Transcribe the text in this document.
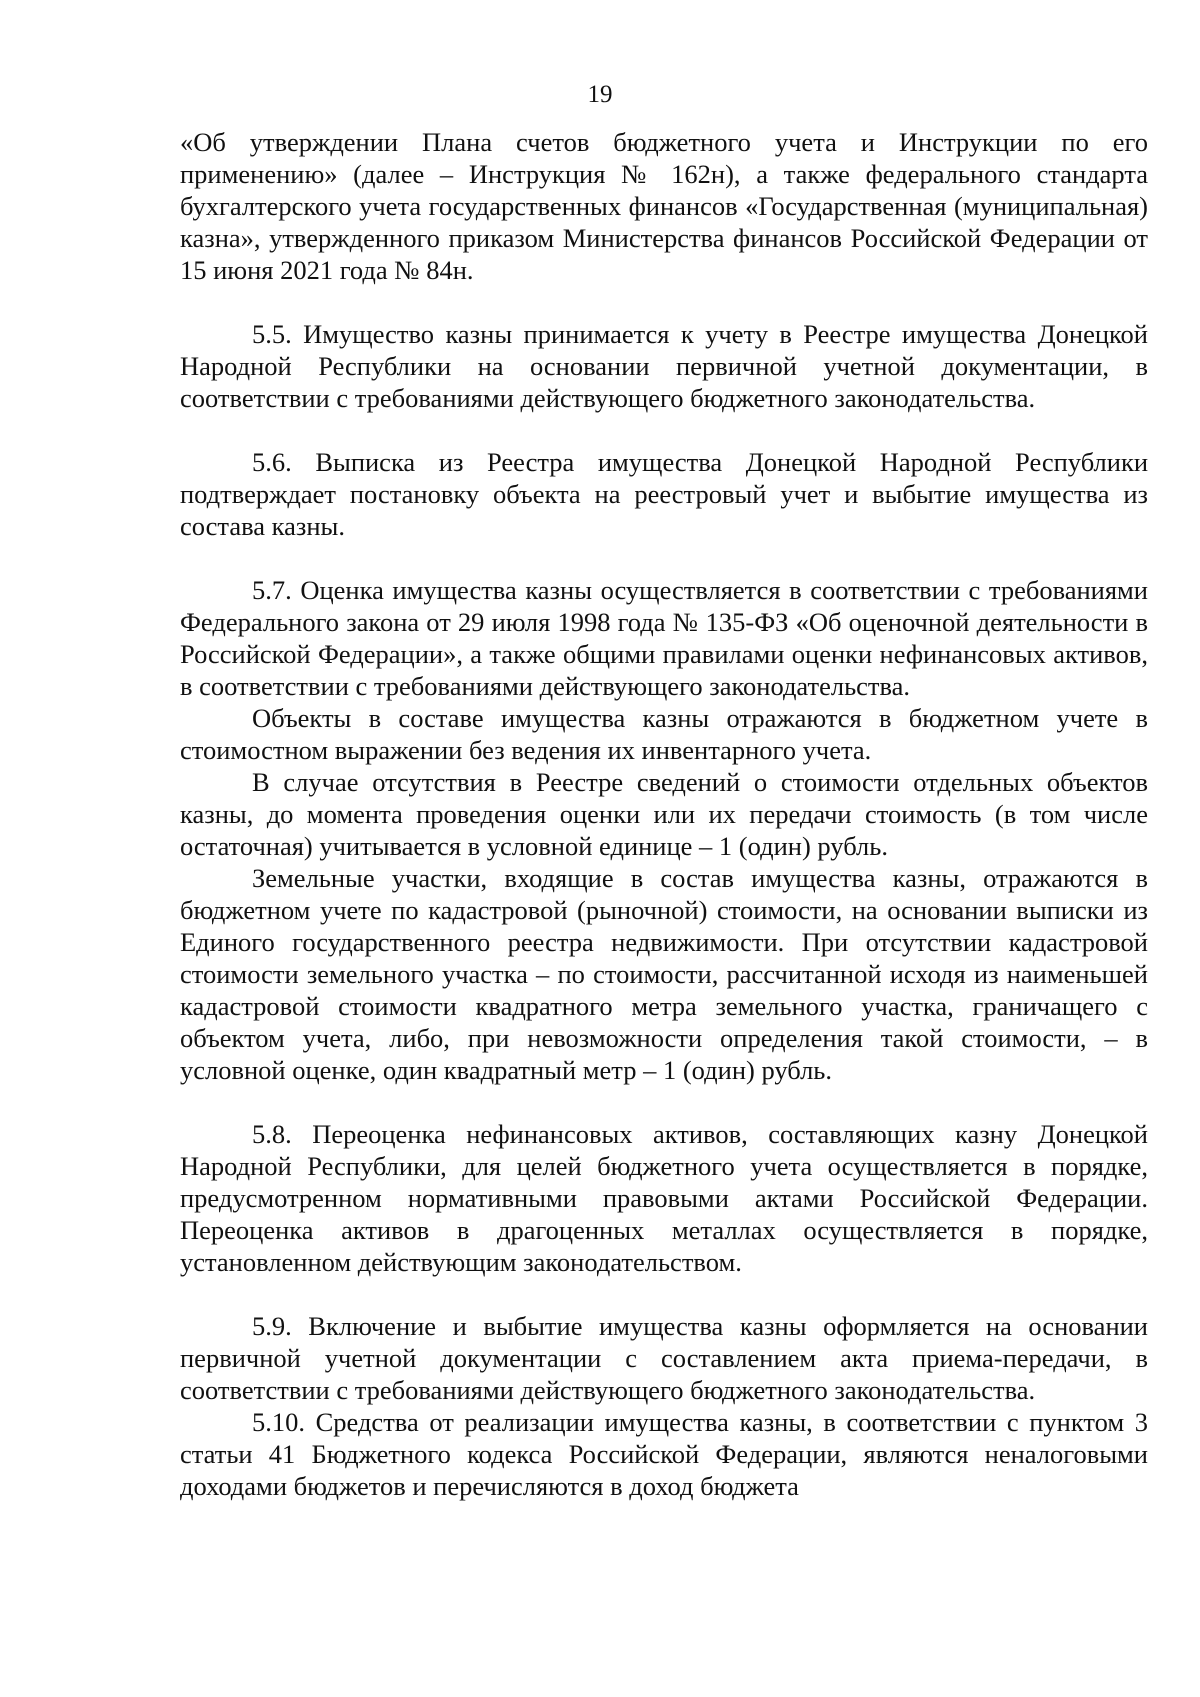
19

«Об утверждении Плана счетов бюджетного учета и Инструкции по его применению» (далее – Инструкция № 162н), а также федерального стандарта бухгалтерского учета государственных финансов «Государственная (муниципальная) казна», утвержденного приказом Министерства финансов Российской Федерации от 15 июня 2021 года № 84н.

5.5. Имущество казны принимается к учету в Реестре имущества Донецкой Народной Республики на основании первичной учетной документации, в соответствии с требованиями действующего бюджетного законодательства.

5.6. Выписка из Реестра имущества Донецкой Народной Республики подтверждает постановку объекта на реестровый учет и выбытие имущества из состава казны.

5.7. Оценка имущества казны осуществляется в соответствии с требованиями Федерального закона от 29 июля 1998 года № 135-ФЗ «Об оценочной деятельности в Российской Федерации», а также общими правилами оценки нефинансовых активов, в соответствии с требованиями действующего законодательства.

Объекты в составе имущества казны отражаются в бюджетном учете в стоимостном выражении без ведения их инвентарного учета.

В случае отсутствия в Реестре сведений о стоимости отдельных объектов казны, до момента проведения оценки или их передачи стоимость (в том числе остаточная) учитывается в условной единице – 1 (один) рубль.

Земельные участки, входящие в состав имущества казны, отражаются в бюджетном учете по кадастровой (рыночной) стоимости, на основании выписки из Единого государственного реестра недвижимости. При отсутствии кадастровой стоимости земельного участка – по стоимости, рассчитанной исходя из наименьшей кадастровой стоимости квадратного метра земельного участка, граничащего с объектом учета, либо, при невозможности определения такой стоимости, – в условной оценке, один квадратный метр – 1 (один) рубль.

5.8. Переоценка нефинансовых активов, составляющих казну Донецкой Народной Республики, для целей бюджетного учета осуществляется в порядке, предусмотренном нормативными правовыми актами Российской Федерации. Переоценка активов в драгоценных металлах осуществляется в порядке, установленном действующим законодательством.

5.9. Включение и выбытие имущества казны оформляется на основании первичной учетной документации с составлением акта приема-передачи, в соответствии с требованиями действующего бюджетного законодательства.

5.10. Средства от реализации имущества казны, в соответствии с пунктом 3 статьи 41 Бюджетного кодекса Российской Федерации, являются неналоговыми доходами бюджетов и перечисляются в доход бюджета
